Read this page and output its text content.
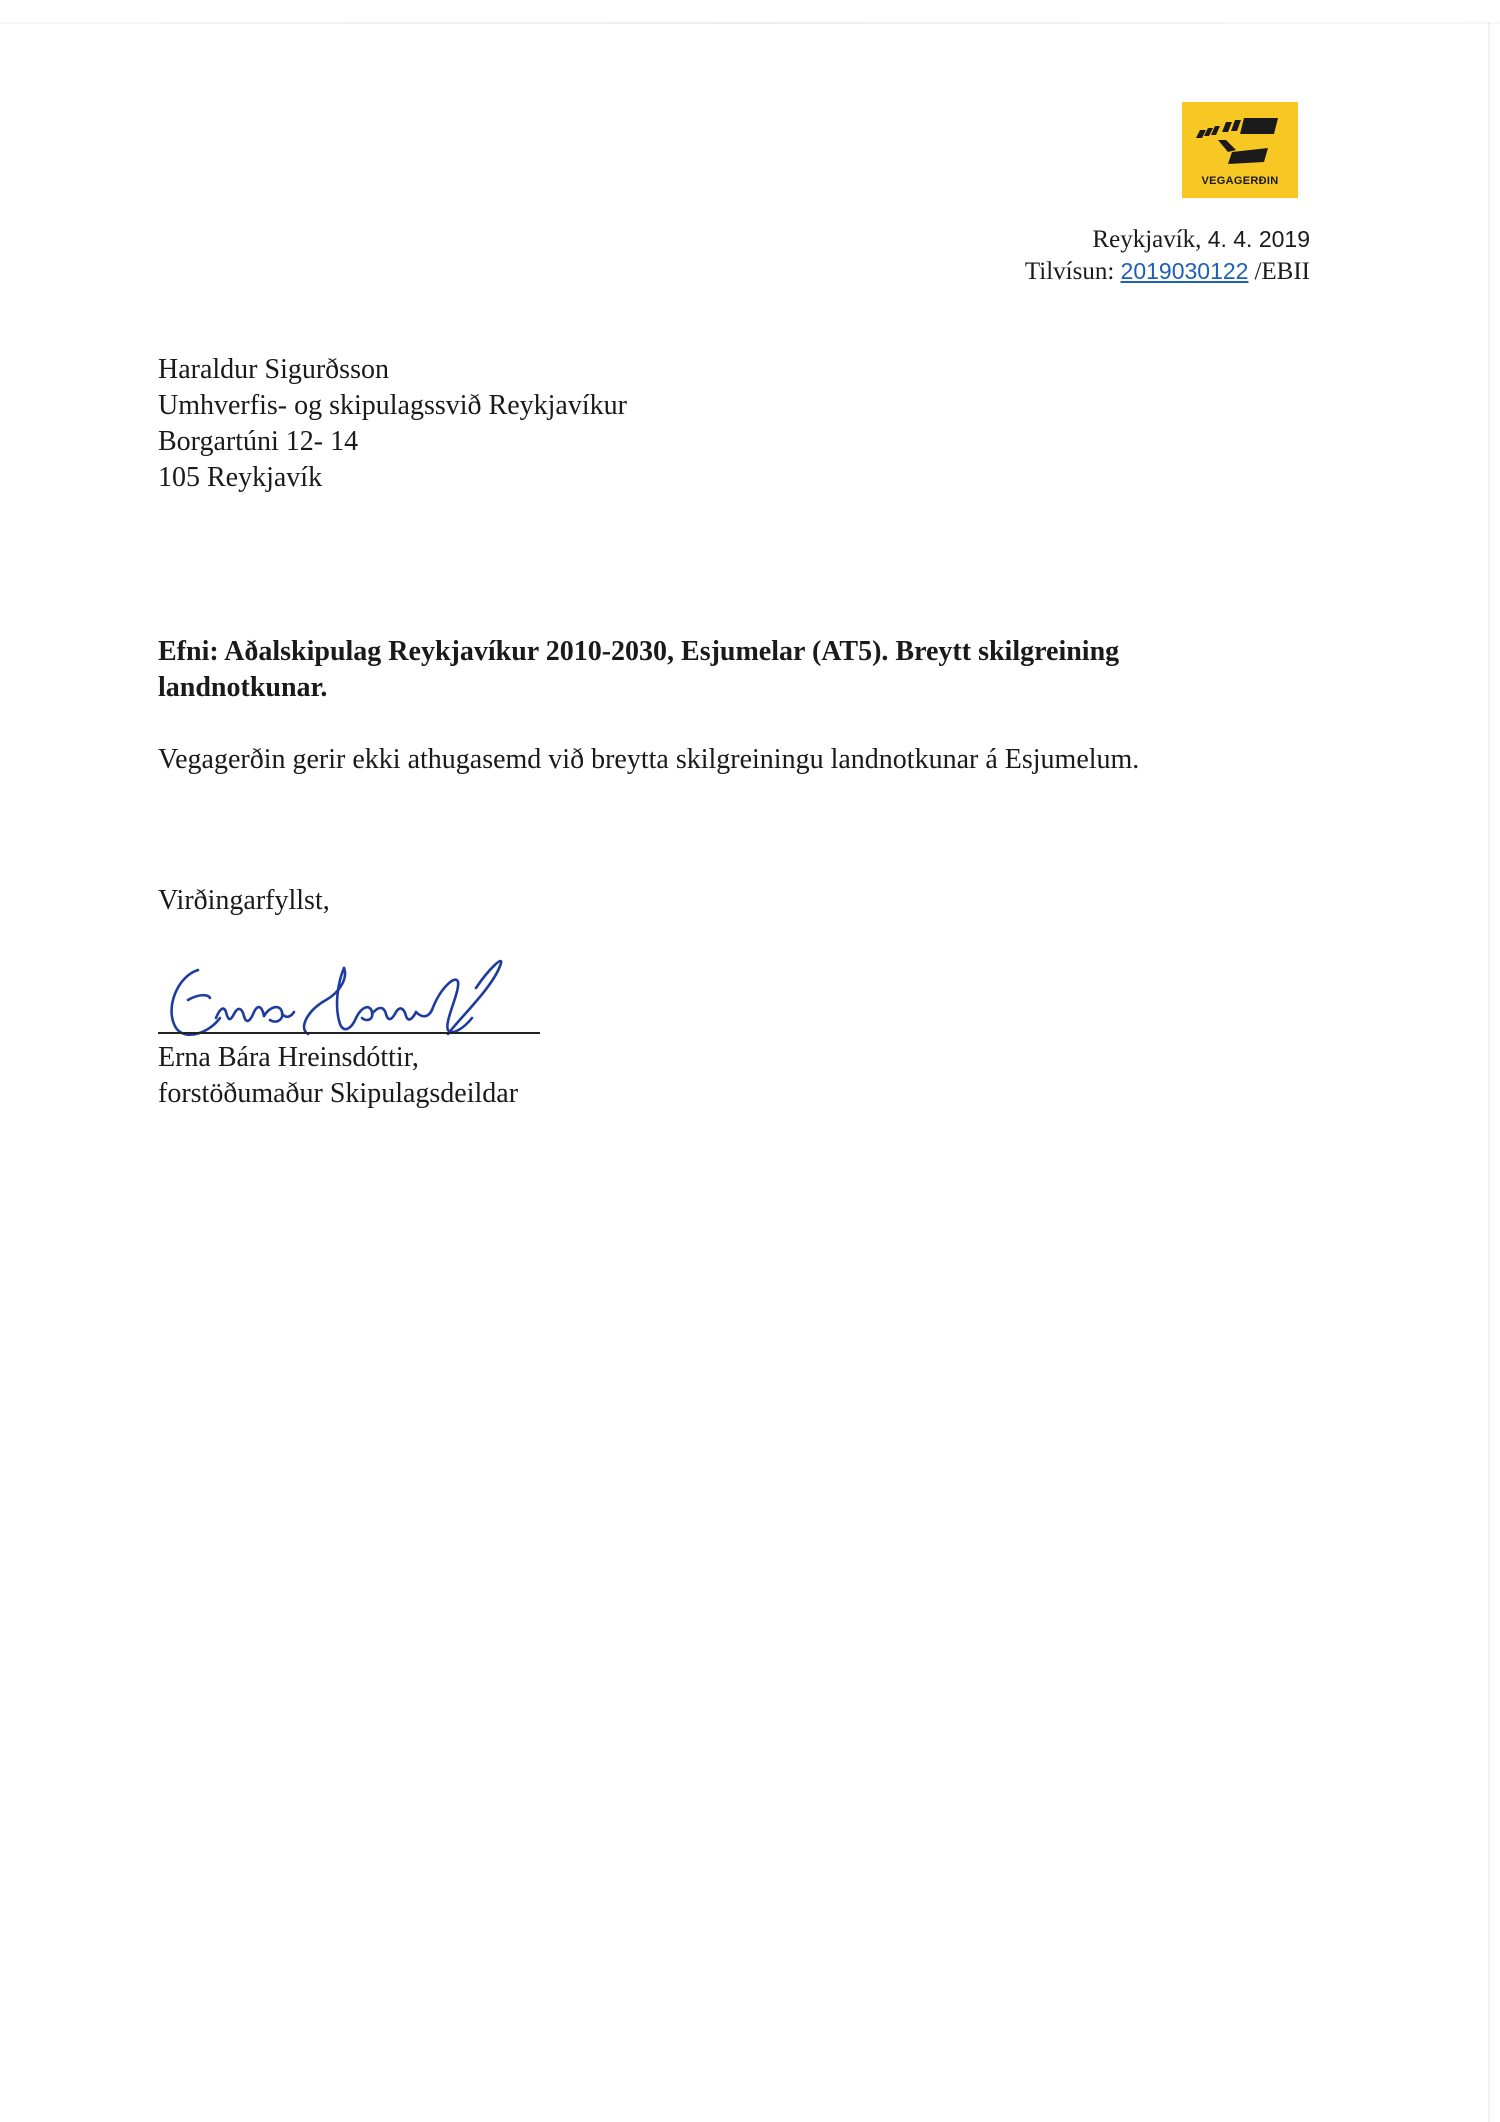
VEGAGERÐIN
Reykjavík, 4. 4. 2019
Tilvísun: 2019030122 /EBII
Haraldur Sigurðsson
Umhverfis- og skipulagssvið Reykjavíkur
Borgartúni 12- 14
105 Reykjavík
Efni: Aðalskipulag Reykjavíkur 2010-2030, Esjumelar (AT5). Breytt skilgreining landnotkunar.
Vegagerðin gerir ekki athugasemd við breytta skilgreiningu landnotkunar á Esjumelum.
Virðingarfyllst,
Erna Bára Hreinsdóttir,
forstöðumaður Skipulagsdeildar
